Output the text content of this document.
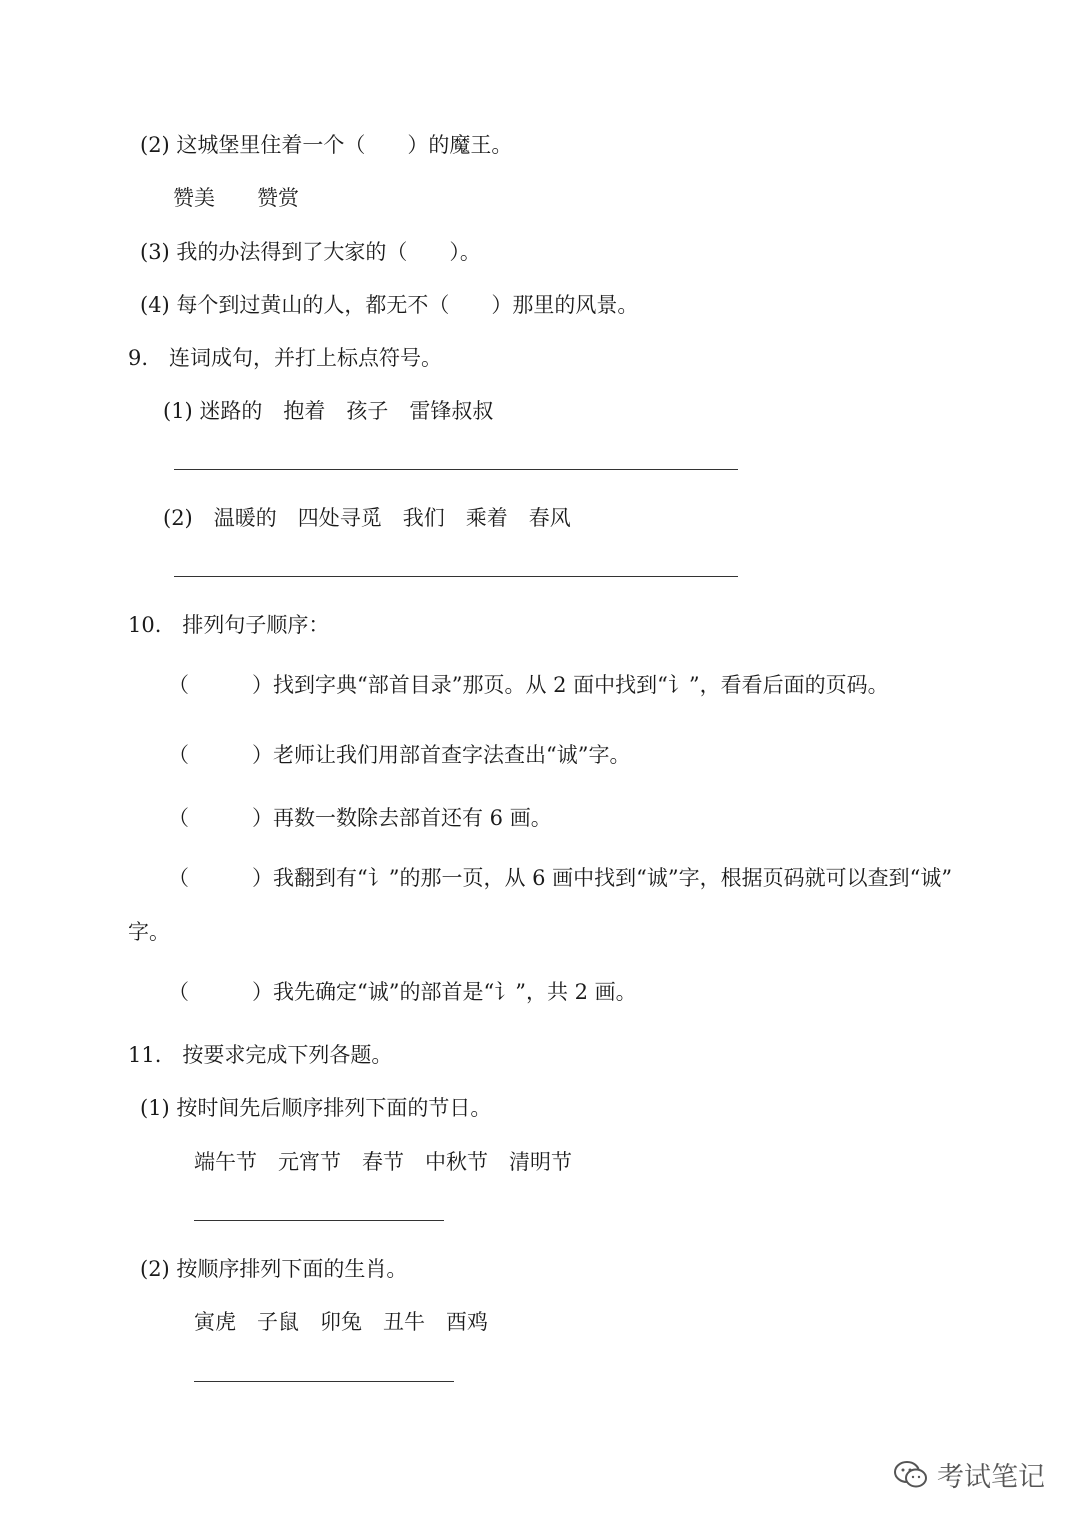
(2) 这城堡里住着一个（　　）的魔王。

赞美　　赞赏

(3) 我的办法得到了大家的（　　）。

(4) 每个到过黄山的人，都无不（　　）那里的风景。

9.　连词成句，并打上标点符号。

(1) 迷路的　抱着　孩子　雷锋叔叔

(2)　温暖的　四处寻觅　我们　乘着　春风

10.　排列句子顺序：

（　　　）找到字典“部首目录”那页。从 2 面中找到“讠”，看看后面的页码。

（　　　）老师让我们用部首查字法查出“诚”字。

（　　　）再数一数除去部首还有 6 画。

（　　　）我翻到有“讠”的那一页，从 6 画中找到“诚”字，根据页码就可以查到“诚”

字。

（　　　）我先确定“诚”的部首是“讠”，共 2 画。

11.　按要求完成下列各题。

(1) 按时间先后顺序排列下面的节日。

端午节　元宵节　春节　中秋节　清明节

(2) 按顺序排列下面的生肖。

寅虎　子鼠　卯兔　丑牛　酉鸡

考试笔记
